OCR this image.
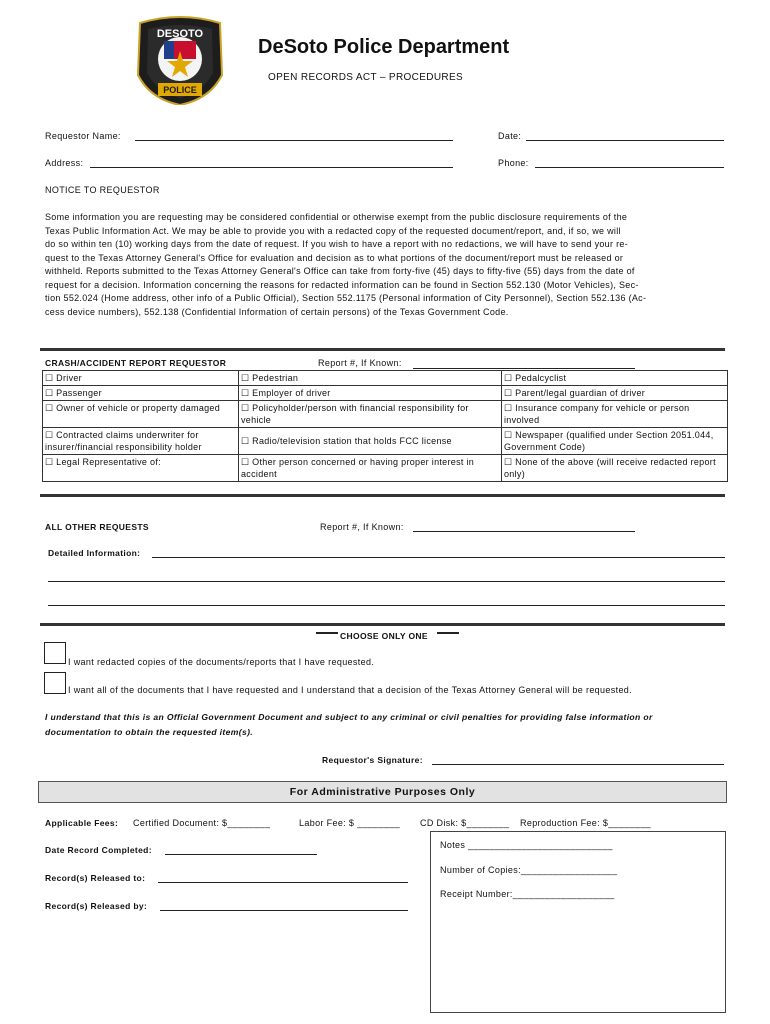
DESOTO
POLICE
DeSoto Police Department
OPEN RECORDS ACT – PROCEDURES
Requestor Name:	Date:
Address:	Phone:
NOTICE TO REQUESTOR
Some information you are requesting may be considered confidential or otherwise exempt from the public disclosure requirements of the
Texas Public Information Act. We may be able to provide you with a redacted copy of the requested document/report, and, if so, we will
do so within ten (10) working days from the date of request. If you wish to have a report with no redactions, we will have to send your re-
quest to the Texas Attorney General's Office for evaluation and decision as to what portions of the document/report must be released or
withheld. Reports submitted to the Texas Attorney General's Office can take from forty-five (45) days to fifty-five (55) days from the date of
request for a decision. Information concerning the reasons for redacted information can be found in Section 552.130 (Motor Vehicles), Sec-
tion 552.024 (Home address, other info of a Public Official), Section 552.1175 (Personal information of City Personnel), Section 552.136 (Ac-
cess device numbers), 552.138 (Confidential Information of certain persons) of the Texas Government Code.
CRASH/ACCIDENT REPORT REQUESTOR	Report #, If Known:
☐ Driver	☐ Pedestrian	☐ Pedalcyclist
☐ Passenger	☐ Employer of driver	☐ Parent/legal guardian of driver
☐ Owner of vehicle or property damaged	☐ Policyholder/person with financial responsibility for vehicle	☐ Insurance company for vehicle or person involved
☐ Contracted claims underwriter for insurer/financial responsibility holder	☐ Radio/television station that holds FCC license	☐ Newspaper (qualified under Section 2051.044, Government Code)
☐ Legal Representative of:	☐ Other person concerned or having proper interest in accident	☐ None of the above (will receive redacted report only)
ALL OTHER REQUESTS	Report #, If Known:
Detailed Information:
CHOOSE ONLY ONE
I want redacted copies of the documents/reports that I have requested.
I want all of the documents that I have requested and I understand that a decision of the Texas Attorney General will be requested.
I understand that this is an Official Government Document and subject to any criminal or civil penalties for providing false information or
documentation to obtain the requested item(s).
Requestor's Signature:
For Administrative Purposes Only
Applicable Fees: Certified Document: $________	Labor Fee: $ ________ CD Disk: $________ Reproduction Fee: $________
Date Record Completed:
Record(s) Released to:
Record(s) Released by:
Notes ___________________________
Number of Copies:__________________
Receipt Number:___________________
